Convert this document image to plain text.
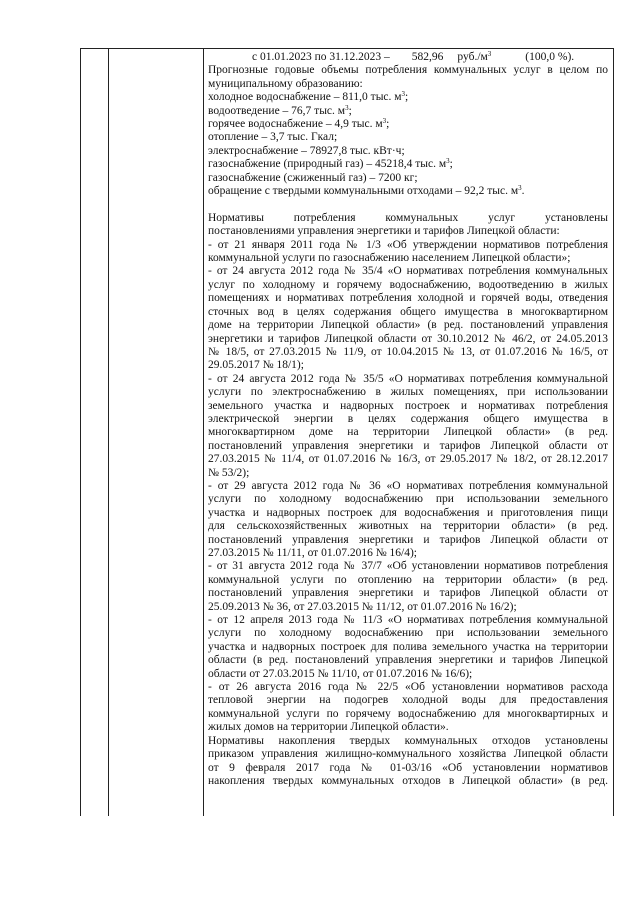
с 01.01.2023 по 31.12.2023 – 582,96 $руб./м^3$	(100,0 %).
Прогнозные годовые объемы потребления коммунальных услуг в целом по
муниципальному образованию:
холодное водоснабжение – 811,0 тыс. $м^3$;
водоотведение – 76,7 тыс. $м^3$;
горячее водоснабжение – 4,9 тыс. $м^3$;
отопление – 3,7 тыс. Гкал;
электроснабжение – 78927,8 тыс. кВт·ч;
газоснабжение (природный газ) – 45218,4 тыс. $м^3$;
газоснабжение (сжиженный газ) – 7200 кг;
обращение с твердыми коммунальными отходами – 92,2 тыс. $м^3$.
Нормативы потребления коммунальных услуг установлены
постановлениями управления энергетики и тарифов Липецкой области:
- от 21 января 2011 года № 1/3 «Об утверждении нормативов потребления
коммунальной услуги по газоснабжению населением Липецкой области»;
- от 24 августа 2012 года № 35/4 «О нормативах потребления коммунальных
услуг по холодному и горячему водоснабжению, водоотведению в жилых
помещениях и нормативах потребления холодной и горячей воды, отведения
сточных вод в целях содержания общего имущества в многоквартирном
доме на территории Липецкой области» (в ред. постановлений управления
энергетики и тарифов Липецкой области от 30.10.2012 № 46/2, от 24.05.2013
№ 18/5, от 27.03.2015 № 11/9, от 10.04.2015 № 13, от 01.07.2016 № 16/5, от
29.05.2017 № 18/1);
- от 24 августа 2012 года № 35/5 «О нормативах потребления коммунальной
услуги по электроснабжению в жилых помещениях, при использовании
земельного участка и надворных построек и нормативах потребления
электрической энергии в целях содержания общего имущества в
многоквартирном доме на территории Липецкой области» (в ред.
постановлений управления энергетики и тарифов Липецкой области от
27.03.2015 № 11/4, от 01.07.2016 № 16/3, от 29.05.2017 № 18/2, от 28.12.2017
№ 53/2);
- от 29 августа 2012 года № 36 «О нормативах потребления коммунальной
услуги по холодному водоснабжению при использовании земельного
участка и надворных построек для водоснабжения и приготовления пищи
для сельскохозяйственных животных на территории области» (в ред.
постановлений управления энергетики и тарифов Липецкой области от
27.03.2015 № 11/11, от 01.07.2016 № 16/4);
- от 31 августа 2012 года № 37/7 «Об установлении нормативов потребления
коммунальной услуги по отоплению на территории области» (в ред.
постановлений управления энергетики и тарифов Липецкой области от
25.09.2013 № 36, от 27.03.2015 № 11/12, от 01.07.2016 № 16/2);
- от 12 апреля 2013 года № 11/3 «О нормативах потребления коммунальной
услуги по холодному водоснабжению при использовании земельного
участка и надворных построек для полива земельного участка на территории
области (в ред. постановлений управления энергетики и тарифов Липецкой
области от 27.03.2015 № 11/10, от 01.07.2016 № 16/6);
- от 26 августа 2016 года № 22/5 «Об установлении нормативов расхода
тепловой энергии на подогрев холодной воды для предоставления
коммунальной услуги по горячему водоснабжению для многоквартирных и
жилых домов на территории Липецкой области».
Нормативы накопления твердых коммунальных отходов установлены
приказом управления жилищно-коммунального хозяйства Липецкой области
от 9 февраля 2017 года № 01-03/16 «Об установлении нормативов
накопления твердых коммунальных отходов в Липецкой области» (в ред.
